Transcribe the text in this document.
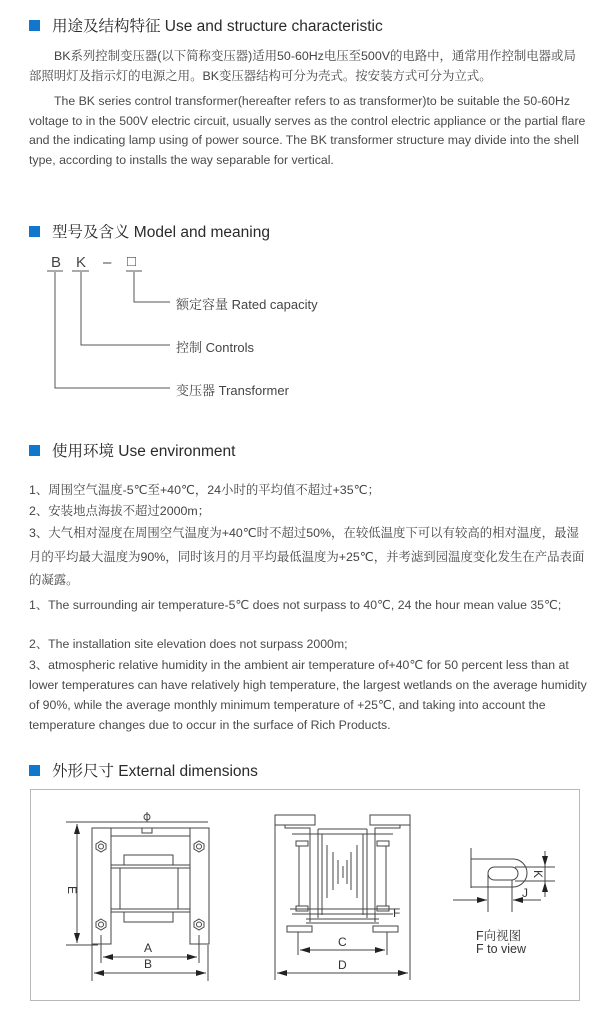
用途及结构特征 Use and structure characteristic
BK系列控制变压器(以下简称变压器)适用50-60Hz电压至500V的电路中，通常用作控制电器或局部照明灯及指示灯的电源之用。BK变压器结构可分为壳式。按安装方式可分为立式。
The BK series control transformer(hereafter refers to as transformer)to be suitable the 50-60Hz voltage to in the 500V electric circuit, usually serves as the control electric appliance or the partial flare and the indicating lamp using of power source. The BK transformer structure may divide into the shell type, according to installs the way separable for vertical.
型号及含义 Model and meaning
B K – □
额定容量 Rated capacity
控制 Controls
变压器 Transformer
使用环境 Use environment
1、周围空气温度-5℃至+40℃，24小时的平均值不超过+35℃；
2、安装地点海拔不超过2000m；
3、大气相对湿度在周围空气温度为+40℃时不超过50%，在较低温度下可以有较高的相对温度，最湿月的平均最大温度为90%，同时该月的月平均最低温度为+25℃，并考滤到园温度变化发生在产品表面的凝露。
1、The surrounding air temperature-5℃ does not surpass to 40℃, 24 the hour mean value 35℃;
2、The installation site elevation does not surpass 2000m;
3、atmospheric relative humidity in the ambient air temperature of+40℃ for 50 percent less than at lower temperatures can have relatively high temperature, the largest wetlands on the average humidity of 90%, while the average monthly minimum temperature of +25℃, and taking into account the temperature changes due to occur in the surface of Rich Products.
外形尺寸 External dimensions
A
B
E
C
D
F
J
K
F向视图
F to view
